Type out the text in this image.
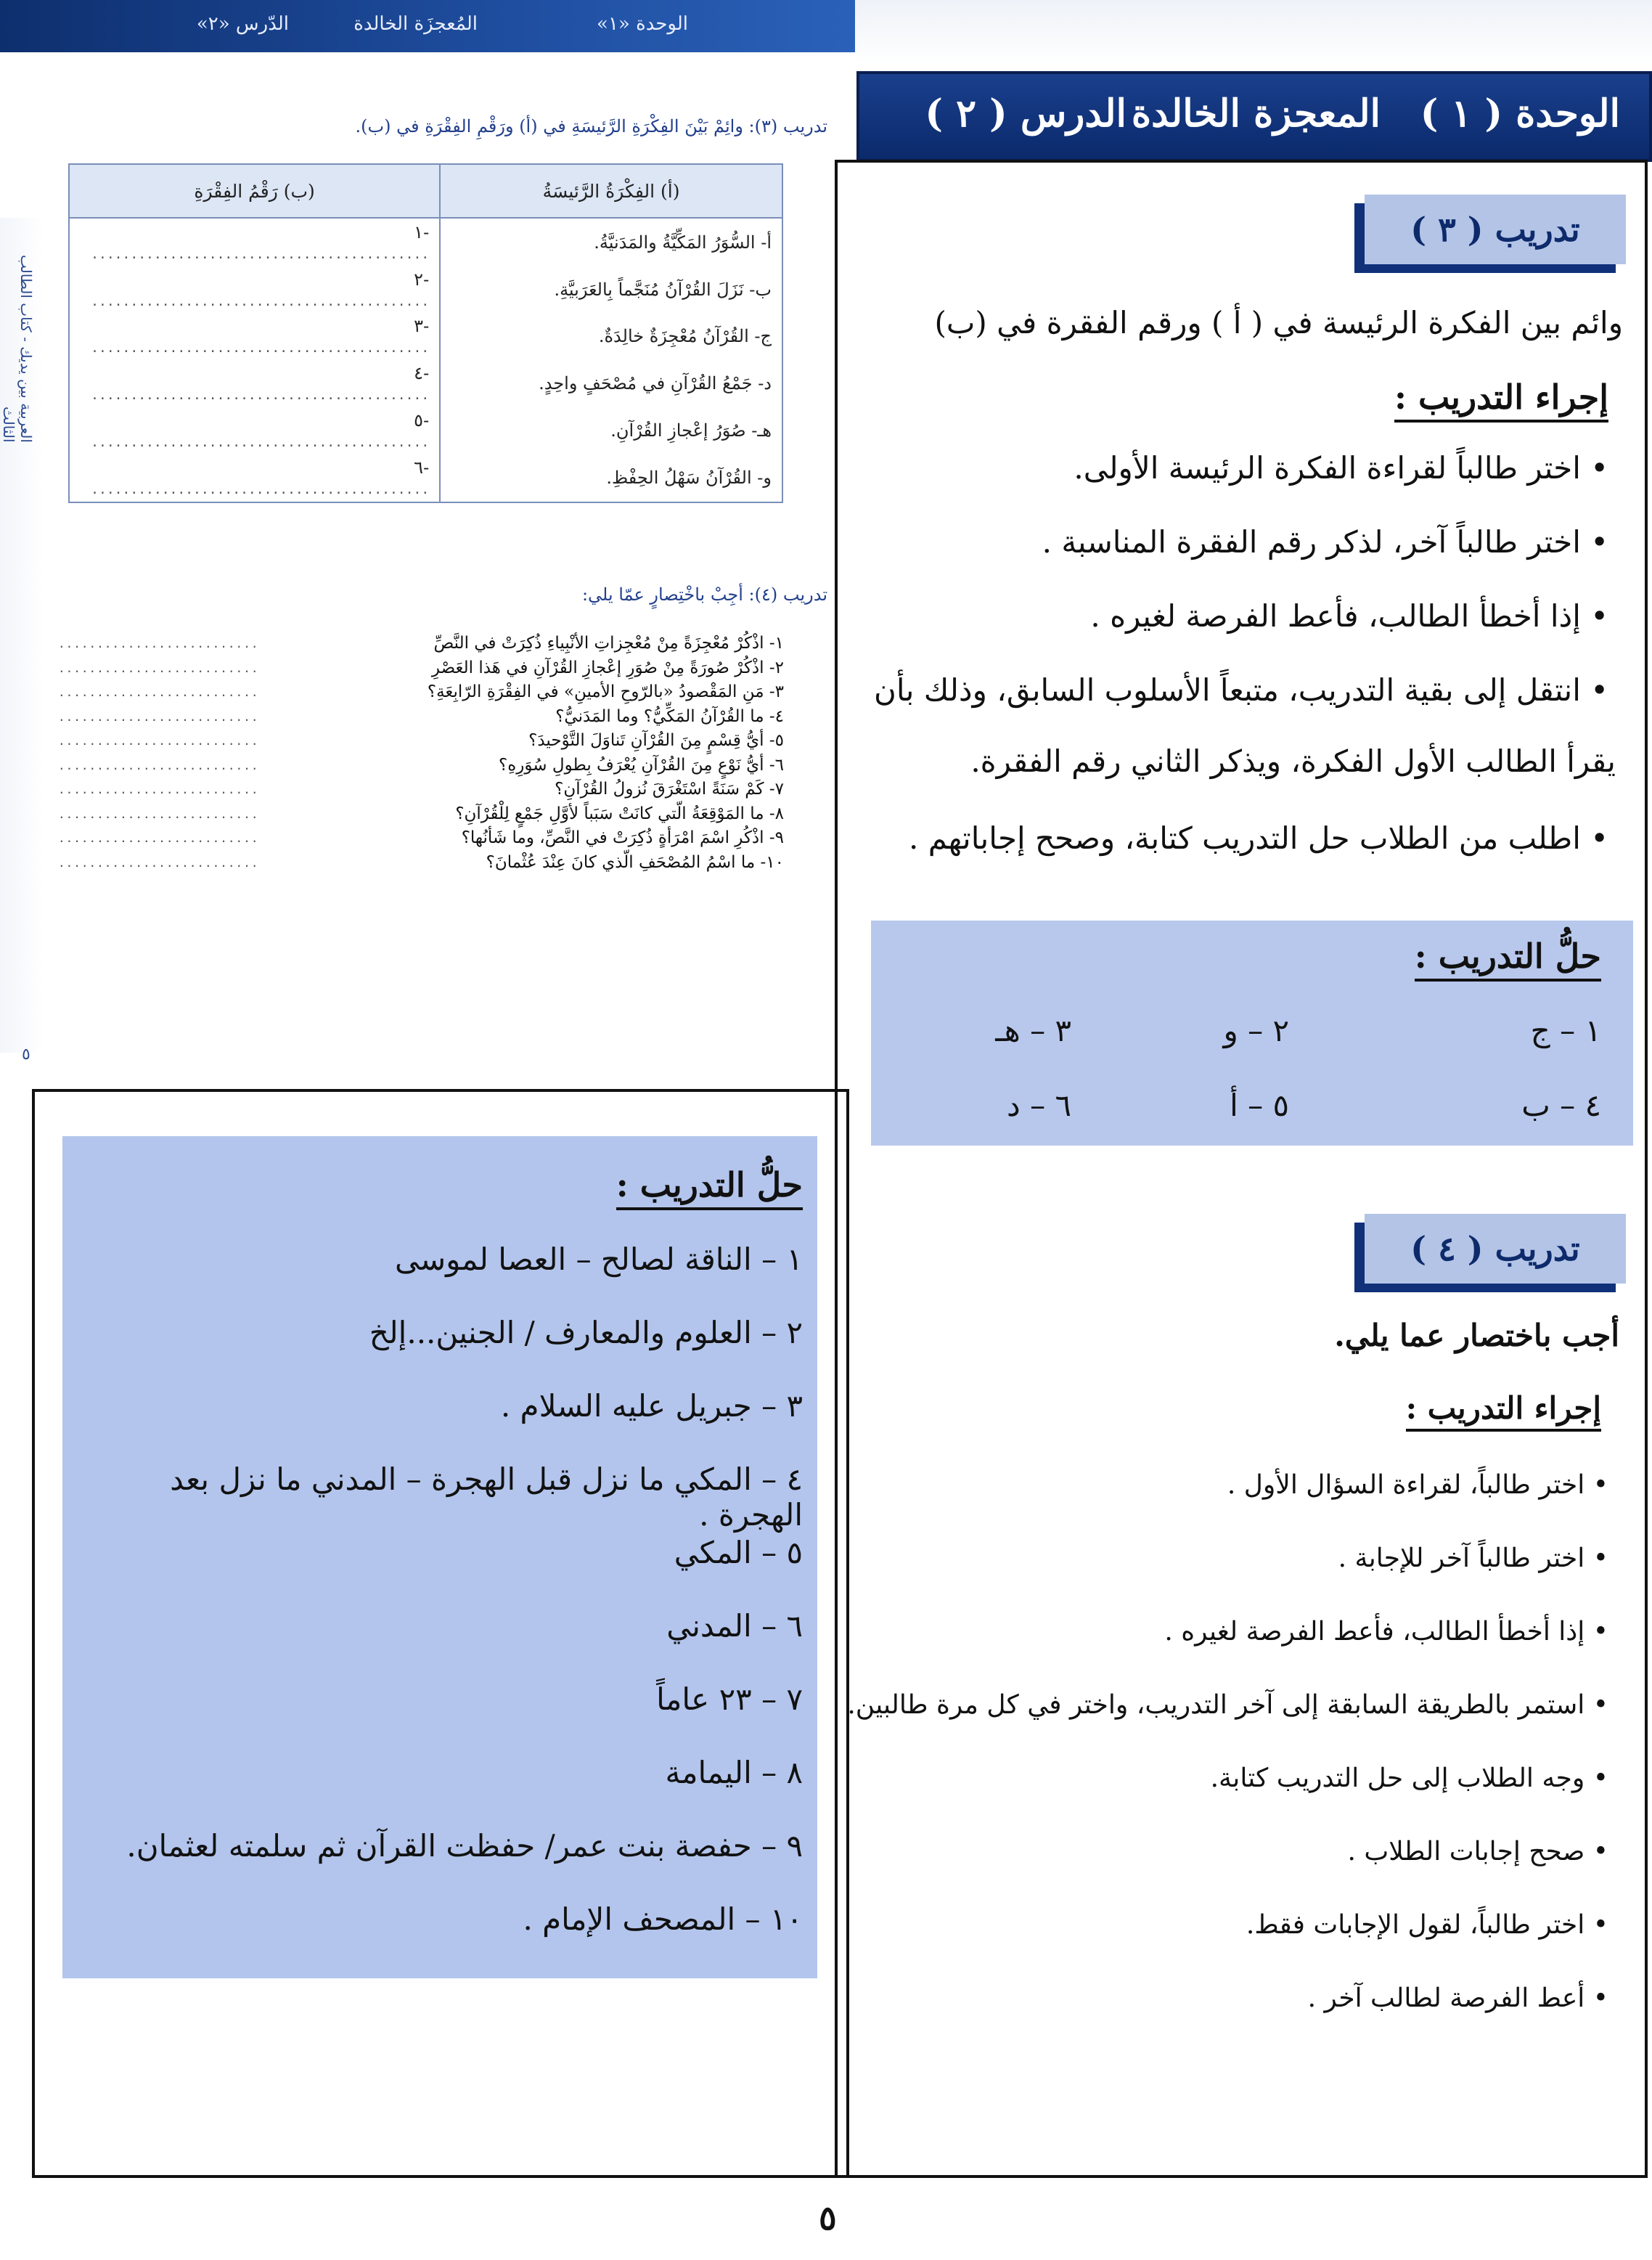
الوحدة «١»
المُعجزَة الخالدة
الدّرس «٢»
العربية بين يديك - كتاب الطالب الثالث
٥
تدريب (٣): وائِمْ بَيْنَ الفِكْرَةِ الرَّئيسَةِ في (أ) ورَقْمِ الفِقْرَةِ في (ب).
(أ) الفِكْرَةُ الرَّئيسَةُ	(ب) رَقْمُ الفِقْرَةِ
أ- السُّوَرُ المَكِّيَّةُ والمَدَنيَّةُ.	-١ ...........................................
ب- نَزَلَ القُرْآنُ مُنَجَّماً بِالعَرَبيَّةِ.	-٢ ...........................................
ج- القُرْآنُ مُعْجِزَةٌ خالِدَةٌ.	-٣ ...........................................
د- جَمْعُ القُرْآنِ في مُصْحَفٍ واحِدٍ.	-٤ ...........................................
هـ- صُوَرُ إعْجازِ القُرْآنِ.	-٥ ...........................................
و- القُرْآنُ سَهْلُ الحِفْظِ.	-٦ ...........................................
تدريب (٤): أجِبْ باخْتِصارٍ عمّا يلي:
١- اذْكُرْ مُعْجِزَةً مِنْ مُعْجِزاتِ الأنْبِياءِ ذُكِرَتْ في النَّصِّ
..........................
٢- اذْكُرْ صُورَةً مِنْ صُوَرِ إعْجازِ القُرْآنِ في هَذا العَصْرِ
..........................
٣- مَنِ المَقْصودُ «بالرّوحِ الأمينِ» في الفِقْرَةِ الرّابِعَةِ؟
..........................
٤- ما القُرْآنُ المَكِّيُّ؟ وما المَدَنيُّ؟
..........................
٥- أيُّ قِسْمٍ مِنَ القُرْآنِ تَناوَلَ التَّوْحيدَ؟
..........................
٦- أيُّ نَوْعٍ مِنَ القُرْآنِ يُعْرَفُ بِطولِ سُوَرِهِ؟
..........................
٧- كَمْ سَنَةً اسْتَغْرَقَ نُزولُ القُرْآنِ؟
..........................
٨- ما المَوْقِعَةُ الّتي كانَتْ سَبَباً لأوَّلِ جَمْعٍ لِلْقُرْآنِ؟
..........................
٩- اذْكُرِ اسْمَ امْرَأةٍ ذُكِرَتْ في النَّصِّ، وما شَأنُها؟
..........................
١٠- ما اسْمُ المُصْحَفِ الّذي كانَ عِنْدَ عُثْمانَ؟
..........................
الوحدة ( ١ )
المعجزة الخالدة
الدرس ( ٢ )
تدريب ( ٣ )
وائم بين الفكرة الرئيسة في ( أ ) ورقم الفقرة في (ب)
إجراء التدريب :
• اختر طالباً لقراءة الفكرة الرئيسة الأولى.
• اختر طالباً آخر، لذكر رقم الفقرة المناسبة .
• إذا أخطأ الطالب، فأعط الفرصة لغيره .
• انتقل إلى بقية التدريب، متبعاً الأسلوب السابق، وذلك بأن
يقرأ الطالب الأول الفكرة، ويذكر الثاني رقم الفقرة.
• اطلب من الطلاب حل التدريب كتابة، وصحح إجاباتهم .
حلُّ التدريب :
١ – ج
٢ – و
٣ – هـ
٤ – ب
٥ – أ
٦ – د
تدريب ( ٤ )
أجب باختصار عما يلي.
إجراء التدريب :
• اختر طالباً، لقراءة السؤال الأول .
• اختر طالباً آخر للإجابة .
• إذا أخطأ الطالب، فأعط الفرصة لغيره .
• استمر بالطريقة السابقة إلى آخر التدريب، واختر في كل مرة طالبين.
• وجه الطلاب إلى حل التدريب كتابة.
• صحح إجابات الطلاب .
• اختر طالباً، لقول الإجابات فقط.
• أعط الفرصة لطالب آخر .
حلُّ التدريب :
١ – الناقة لصالح – العصا لموسى
٢ – العلوم والمعارف / الجنين...إلخ
٣ – جبريل عليه السلام .
٤ – المكي ما نزل قبل الهجرة – المدني ما نزل بعد الهجرة .
٥ – المكي
٦ – المدني
٧ – ٢٣ عاماً
٨ – اليمامة
٩ – حفصة بنت عمر/ حفظت القرآن ثم سلمته لعثمان.
١٠ – المصحف الإمام .
٥
